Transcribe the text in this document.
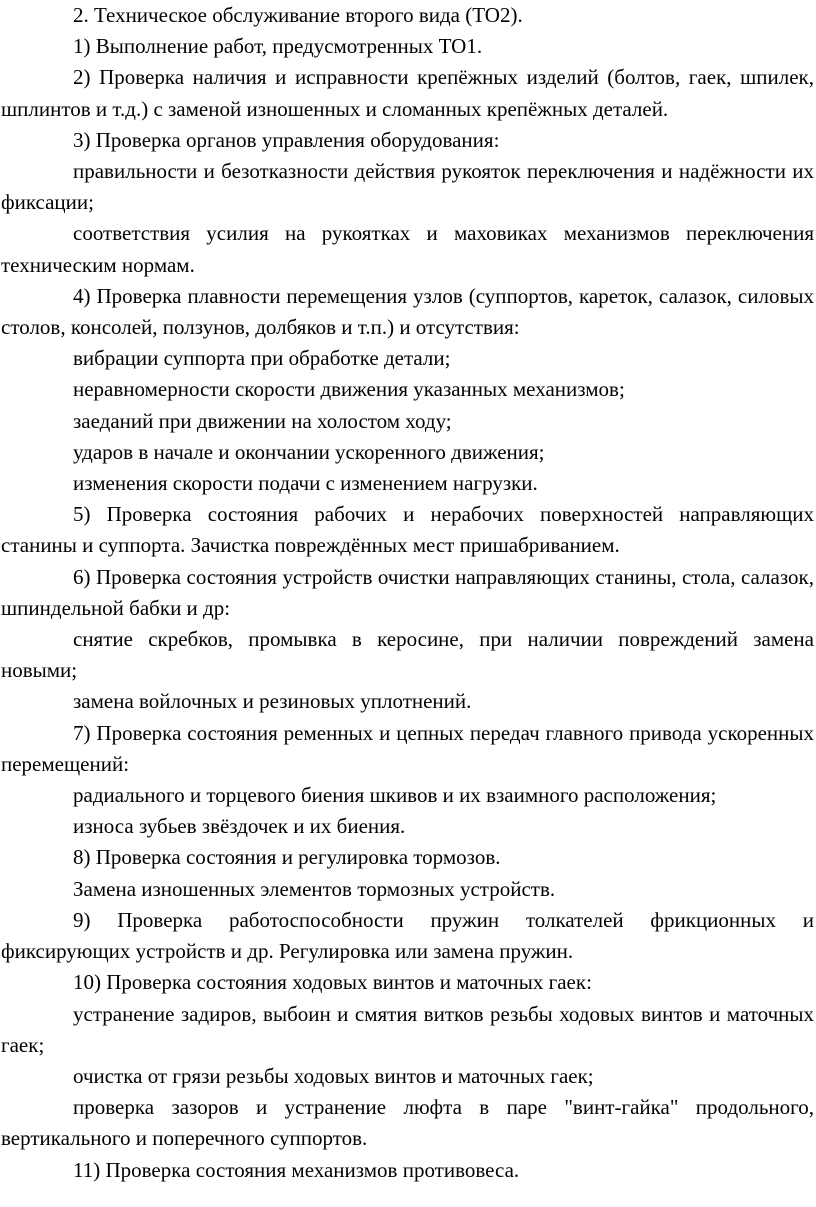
2. Техническое обслуживание второго вида (ТО2).

1) Выполнение работ, предусмотренных ТО1.

2) Проверка наличия и исправности крепёжных изделий (болтов, гаек, шпилек, шплинтов и т.д.) с заменой изношенных и сломанных крепёжных деталей.

3) Проверка органов управления оборудования:

правильности и безотказности действия рукояток переключения и надёжности их фиксации;

соответствия усилия на рукоятках и маховиках механизмов переключения техническим нормам.

4) Проверка плавности перемещения узлов (суппортов, кареток, салазок, силовых столов, консолей, ползунов, долбяков и т.п.) и отсутствия:

вибрации суппорта при обработке детали;

неравномерности скорости движения указанных механизмов;

заеданий при движении на холостом ходу;

ударов в начале и окончании ускоренного движения;

изменения скорости подачи с изменением нагрузки.

5) Проверка состояния рабочих и нерабочих поверхностей направляющих станины и суппорта. Зачистка повреждённых мест пришабриванием.

6) Проверка состояния устройств очистки направляющих станины, стола, салазок, шпиндельной бабки и др:

снятие скребков, промывка в керосине, при наличии повреждений замена новыми;

замена войлочных и резиновых уплотнений.

7) Проверка состояния ременных и цепных передач главного привода ускоренных перемещений:

радиального и торцевого биения шкивов и их взаимного расположения;

износа зубьев звёздочек и их биения.

8) Проверка состояния и регулировка тормозов.

Замена изношенных элементов тормозных устройств.

9) Проверка работоспособности пружин толкателей фрикционных и фиксирующих устройств и др. Регулировка или замена пружин.

10) Проверка состояния ходовых винтов и маточных гаек:

устранение задиров, выбоин и смятия витков резьбы ходовых винтов и маточных гаек;

очистка от грязи резьбы ходовых винтов и маточных гаек;

проверка зазоров и устранение люфта в паре "винт-гайка" продольного, вертикального и поперечного суппортов.

11) Проверка состояния механизмов противовеса.
